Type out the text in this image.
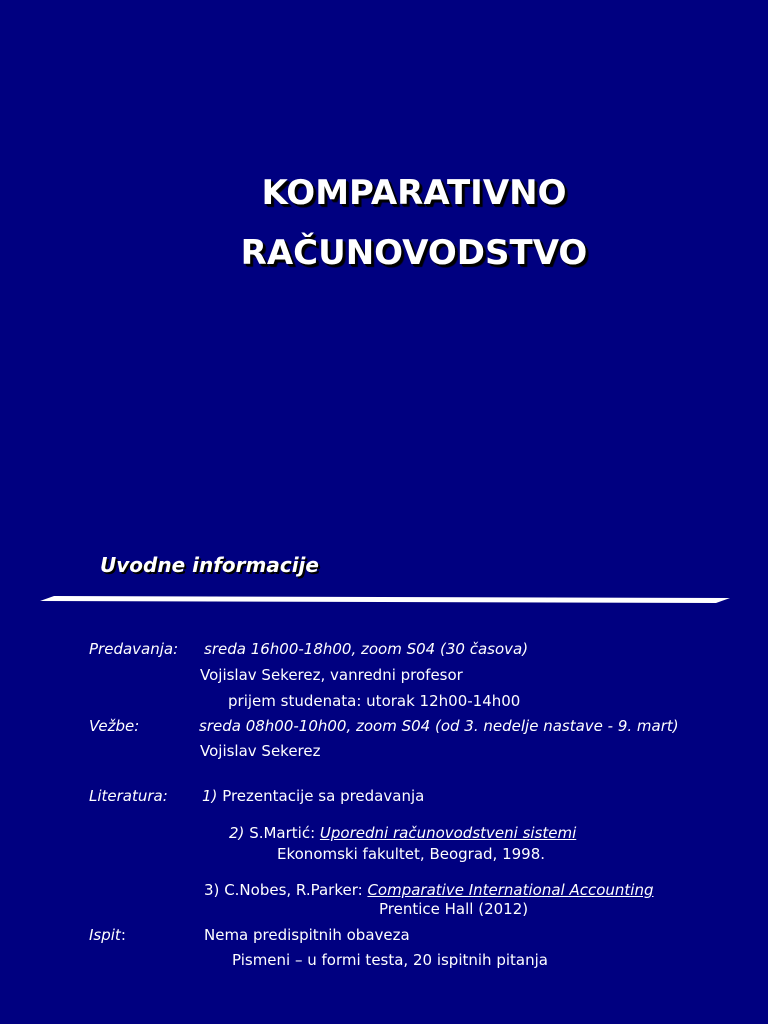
KOMPARATIVNO
RAČUNOVODSTVO
Uvodne informacije
Predavanja: sreda 16h00-18h00, zoom S04 (30 časova)
Vojislav Sekerez, vanredni profesor
prijem studenata: utorak 12h00-14h00
Vežbe:	sreda 08h00-10h00, zoom S04 (od 3. nedelje nastave - 9. mart)
Vojislav Sekerez
Literatura: 1) Prezentacije sa predavanja
2) S.Martić: Uporedni računovodstveni sistemi
Ekonomski fakultet, Beograd, 1998.
3) C.Nobes, R.Parker: Comparative International Accounting
Prentice Hall (2012)
Ispit:	Nema predispitnih obaveza
Pismeni – u formi testa, 20 ispitnih pitanja
